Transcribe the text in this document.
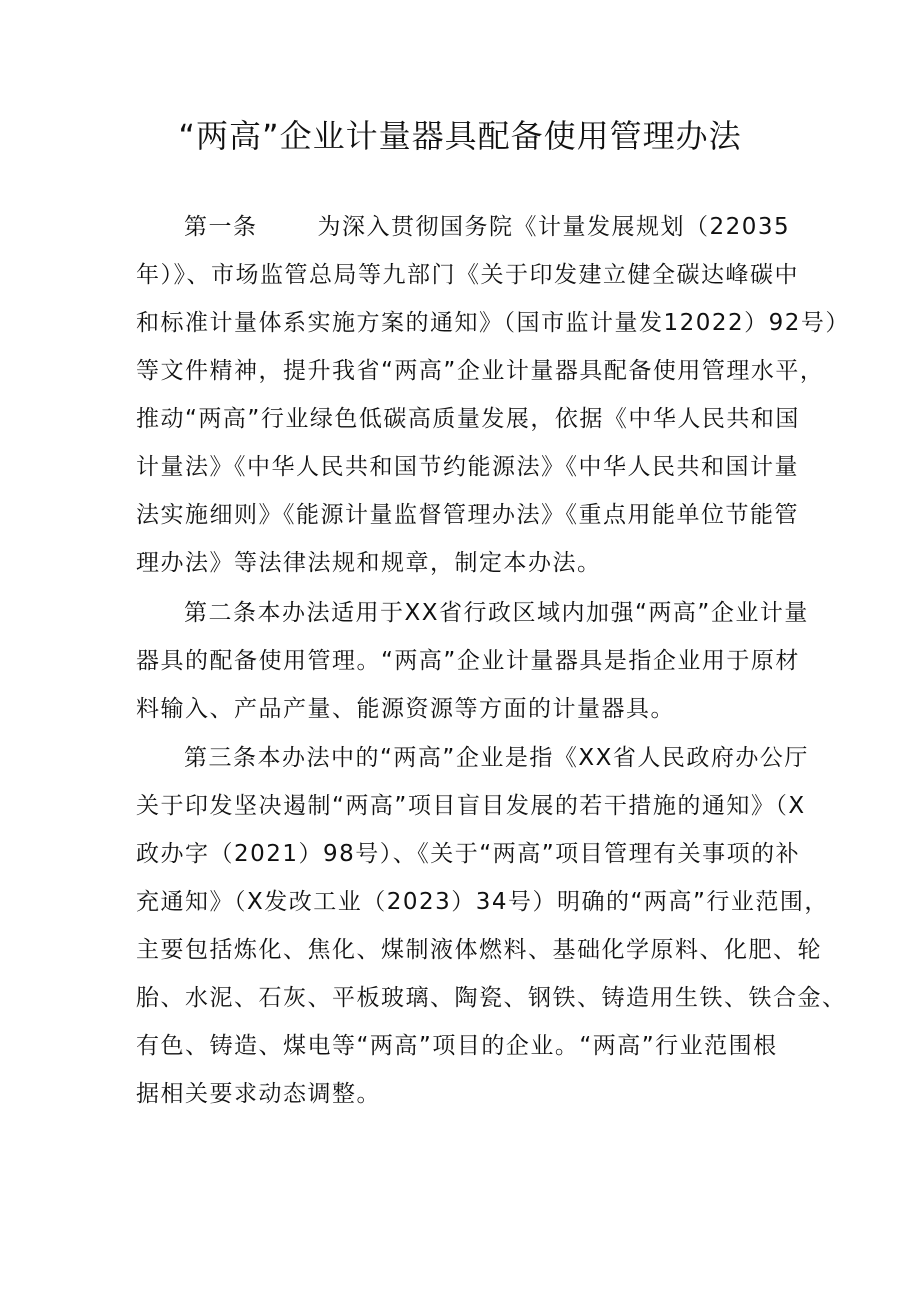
“两高”企业计量器具配备使用管理办法

第一条	为深入贯彻国务院《计量发展规划（22035

年）》、市场监管总局等九部门《关于印发建立健全碳达峰碳中

和标准计量体系实施方案的通知》（国市监计量发12022）92号）

等文件精神，提升我省“两高”企业计量器具配备使用管理水平，

推动“两高”行业绿色低碳高质量发展，依据《中华人民共和国

计量法》《中华人民共和国节约能源法》《中华人民共和国计量

法实施细则》《能源计量监督管理办法》《重点用能单位节能管

理办法》等法律法规和规章，制定本办法。

第二条本办法适用于XX省行政区域内加强“两高”企业计量

器具的配备使用管理。“两高”企业计量器具是指企业用于原材

料输入、产品产量、能源资源等方面的计量器具。

第三条本办法中的“两高”企业是指《XX省人民政府办公厅

关于印发坚决遏制“两高”项目盲目发展的若干措施的通知》（X

政办字（2021）98号）、《关于“两高”项目管理有关事项的补

充通知》（X发改工业（2023）34号）明确的“两高”行业范围，

主要包括炼化、焦化、煤制液体燃料、基础化学原料、化肥、轮

胎、水泥、石灰、平板玻璃、陶瓷、钢铁、铸造用生铁、铁合金、

有色、铸造、煤电等“两高”项目的企业。“两高”行业范围根

据相关要求动态调整。
